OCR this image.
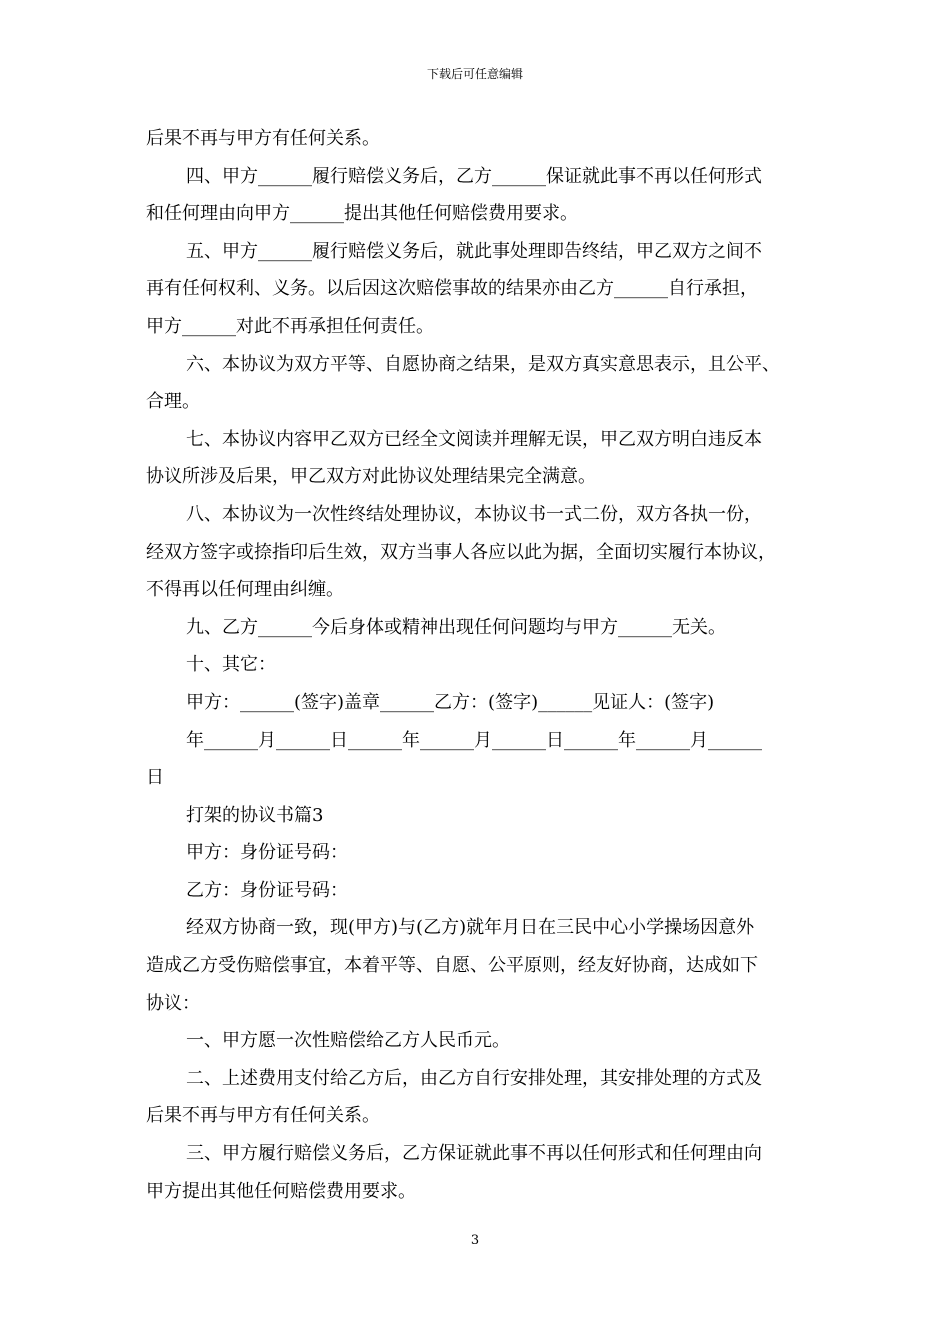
下载后可任意编辑
后果不再与甲方有任何关系。
四、甲方______履行赔偿义务后，乙方______保证就此事不再以任何形式
和任何理由向甲方______提出其他任何赔偿费用要求。
五、甲方______履行赔偿义务后，就此事处理即告终结，甲乙双方之间不
再有任何权利、义务。以后因这次赔偿事故的结果亦由乙方______自行承担，
甲方______对此不再承担任何责任。
六、本协议为双方平等、自愿协商之结果，是双方真实意思表示，且公平、
合理。
七、本协议内容甲乙双方已经全文阅读并理解无误，甲乙双方明白违反本
协议所涉及后果，甲乙双方对此协议处理结果完全满意。
八、本协议为一次性终结处理协议，本协议书一式二份，双方各执一份，
经双方签字或捺指印后生效，双方当事人各应以此为据，全面切实履行本协议，
不得再以任何理由纠缠。
九、乙方______今后身体或精神出现任何问题均与甲方______无关。
十、其它：
甲方：______(签字)盖章______乙方：(签字)______见证人：(签字)
年______月______日______年______月______日______年______月______
日
打架的协议书篇3
甲方：身份证号码：
乙方：身份证号码：
经双方协商一致，现(甲方)与(乙方)就年月日在三民中心小学操场因意外
造成乙方受伤赔偿事宜，本着平等、自愿、公平原则，经友好协商，达成如下
协议：
一、甲方愿一次性赔偿给乙方人民币元。
二、上述费用支付给乙方后，由乙方自行安排处理，其安排处理的方式及
后果不再与甲方有任何关系。
三、甲方履行赔偿义务后，乙方保证就此事不再以任何形式和任何理由向
甲方提出其他任何赔偿费用要求。
3
